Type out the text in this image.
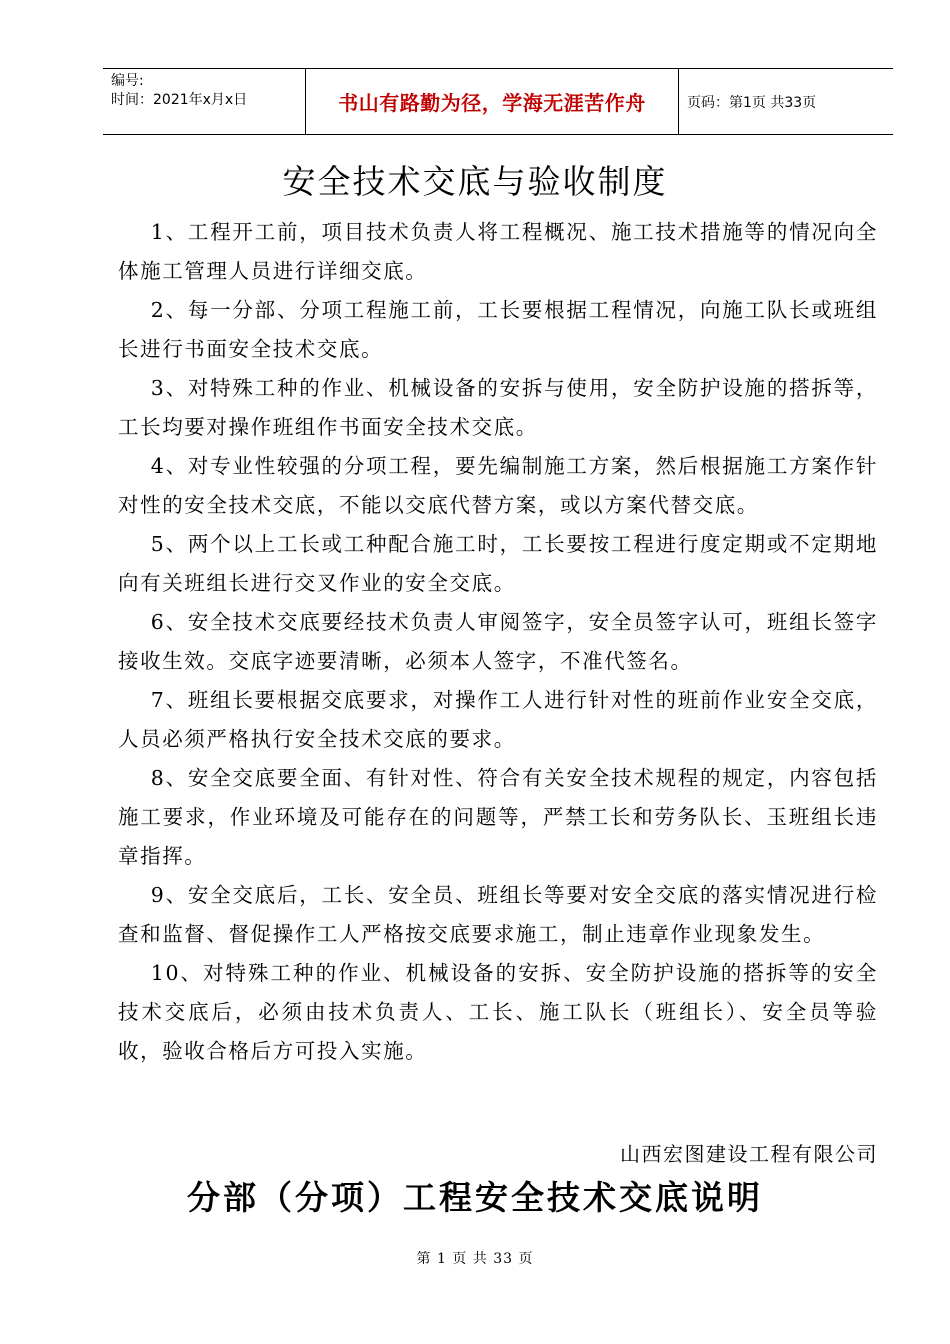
编号:
时间：2021年x月x日	书山有路勤为径，学海无涯苦作舟	页码：第1页 共33页
安全技术交底与验收制度

1、工程开工前，项目技术负责人将工程概况、施工技术措施等的情况向全体施工管理人员进行详细交底。

2、每一分部、分项工程施工前，工长要根据工程情况，向施工队长或班组长进行书面安全技术交底。

3、对特殊工种的作业、机械设备的安拆与使用，安全防护设施的搭拆等，工长均要对操作班组作书面安全技术交底。

4、对专业性较强的分项工程，要先编制施工方案，然后根据施工方案作针对性的安全技术交底，不能以交底代替方案，或以方案代替交底。

5、两个以上工长或工种配合施工时，工长要按工程进行度定期或不定期地向有关班组长进行交叉作业的安全交底。

6、安全技术交底要经技术负责人审阅签字，安全员签字认可，班组长签字接收生效。交底字迹要清晰，必须本人签字，不准代签名。

7、班组长要根据交底要求，对操作工人进行针对性的班前作业安全交底，人员必须严格执行安全技术交底的要求。

8、安全交底要全面、有针对性、符合有关安全技术规程的规定，内容包括施工要求，作业环境及可能存在的问题等，严禁工长和劳务队长、玉班组长违章指挥。

9、安全交底后，工长、安全员、班组长等要对安全交底的落实情况进行检查和监督、督促操作工人严格按交底要求施工，制止违章作业现象发生。

10、对特殊工种的作业、机械设备的安拆、安全防护设施的搭拆等的安全技术交底后，必须由技术负责人、工长、施工队长（班组长）、安全员等验收，验收合格后方可投入实施。

山西宏图建设工程有限公司
分部（分项）工程安全技术交底说明
第 1 页 共 33 页
